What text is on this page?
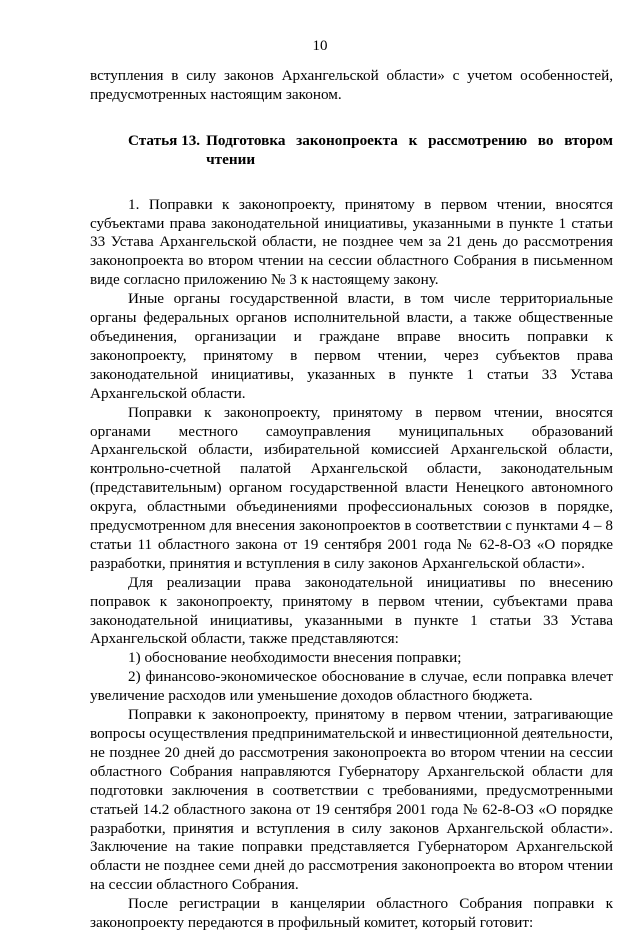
10

вступления в силу законов Архангельской области» с учетом особенностей, предусмотренных настоящим законом.

Статья 13. Подготовка законопроекта к рассмотрению во втором чтении

1. Поправки к законопроекту, принятому в первом чтении, вносятся субъектами права законодательной инициативы, указанными в пункте 1 статьи 33 Устава Архангельской области, не позднее чем за 21 день до рассмотрения законопроекта во втором чтении на сессии областного Собрания в письменном виде согласно приложению № 3 к настоящему закону.

Иные органы государственной власти, в том числе территориальные органы федеральных органов исполнительной власти, а также общественные объединения, организации и граждане вправе вносить поправки к законопроекту, принятому в первом чтении, через субъектов права законодательной инициативы, указанных в пункте 1 статьи 33 Устава Архангельской области.

Поправки к законопроекту, принятому в первом чтении, вносятся органами местного самоуправления муниципальных образований Архангельской области, избирательной комиссией Архангельской области, контрольно-счетной палатой Архангельской области, законодательным (представительным) органом государственной власти Ненецкого автономного округа, областными объединениями профессиональных союзов в порядке, предусмотренном для внесения законопроектов в соответствии с пунктами 4 – 8 статьи 11 областного закона от 19 сентября 2001 года № 62-8-ОЗ «О порядке разработки, принятия и вступления в силу законов Архангельской области».

Для реализации права законодательной инициативы по внесению поправок к законопроекту, принятому в первом чтении, субъектами права законодательной инициативы, указанными в пункте 1 статьи 33 Устава Архангельской области, также представляются:

1) обоснование необходимости внесения поправки;

2) финансово-экономическое обоснование в случае, если поправка влечет увеличение расходов или уменьшение доходов областного бюджета.

Поправки к законопроекту, принятому в первом чтении, затрагивающие вопросы осуществления предпринимательской и инвестиционной деятельности, не позднее 20 дней до рассмотрения законопроекта во втором чтении на сессии областного Собрания направляются Губернатору Архангельской области для подготовки заключения в соответствии с требованиями, предусмотренными статьей 14.2 областного закона от 19 сентября 2001 года № 62-8-ОЗ «О порядке разработки, принятия и вступления в силу законов Архангельской области». Заключение на такие поправки представляется Губернатором Архангельской области не позднее семи дней до рассмотрения законопроекта во втором чтении на сессии областного Собрания.

После регистрации в канцелярии областного Собрания поправки к законопроекту передаются в профильный комитет, который готовит:
